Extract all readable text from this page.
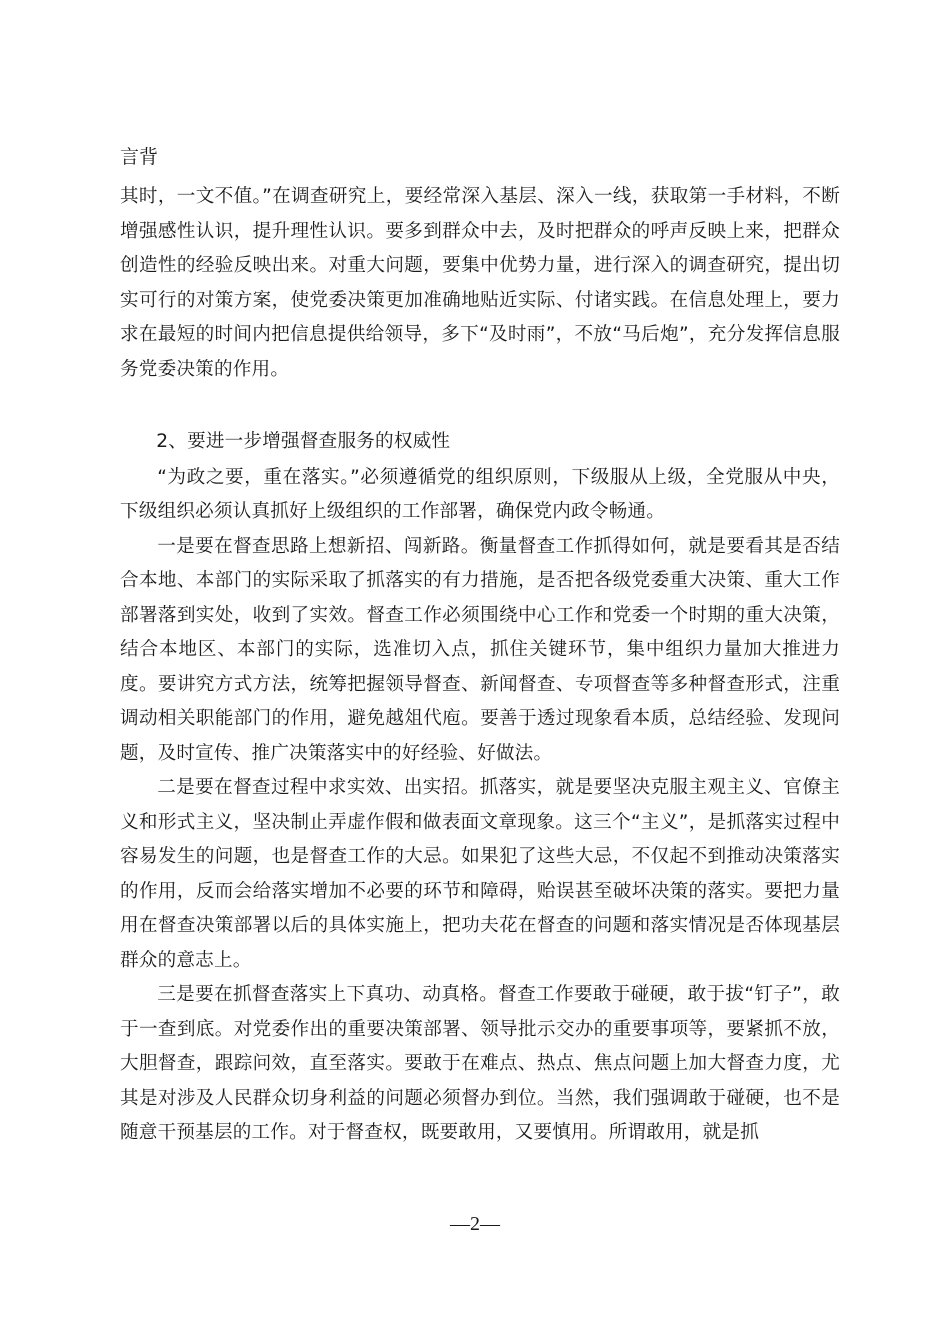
言背

其时，一文不值。”在调查研究上，要经常深入基层、深入一线，获取第一手材料，不断增强感性认识，提升理性认识。要多到群众中去，及时把群众的呼声反映上来，把群众创造性的经验反映出来。对重大问题，要集中优势力量，进行深入的调查研究，提出切实可行的对策方案，使党委决策更加准确地贴近实际、付诸实践。在信息处理上，要力求在最短的时间内把信息提供给领导，多下“及时雨”，不放“马后炮”，充分发挥信息服务党委决策的作用。

2、要进一步增强督查服务的权威性

“为政之要，重在落实。”必须遵循党的组织原则，下级服从上级，全党服从中央，下级组织必须认真抓好上级组织的工作部署，确保党内政令畅通。

一是要在督查思路上想新招、闯新路。衡量督查工作抓得如何，就是要看其是否结合本地、本部门的实际采取了抓落实的有力措施，是否把各级党委重大决策、重大工作部署落到实处，收到了实效。督查工作必须围绕中心工作和党委一个时期的重大决策，结合本地区、本部门的实际，选准切入点，抓住关键环节，集中组织力量加大推进力度。要讲究方式方法，统筹把握领导督查、新闻督查、专项督查等多种督查形式，注重调动相关职能部门的作用，避免越俎代庖。要善于透过现象看本质，总结经验、发现问题，及时宣传、推广决策落实中的好经验、好做法。

二是要在督查过程中求实效、出实招。抓落实，就是要坚决克服主观主义、官僚主义和形式主义，坚决制止弄虚作假和做表面文章现象。这三个“主义”，是抓落实过程中容易发生的问题，也是督查工作的大忌。如果犯了这些大忌，不仅起不到推动决策落实的作用，反而会给落实增加不必要的环节和障碍，贻误甚至破坏决策的落实。要把力量用在督查决策部署以后的具体实施上，把功夫花在督查的问题和落实情况是否体现基层群众的意志上。

三是要在抓督查落实上下真功、动真格。督查工作要敢于碰硬，敢于拔“钉子”，敢于一查到底。对党委作出的重要决策部署、领导批示交办的重要事项等，要紧抓不放，大胆督查，跟踪问效，直至落实。要敢于在难点、热点、焦点问题上加大督查力度，尤其是对涉及人民群众切身利益的问题必须督办到位。当然，我们强调敢于碰硬，也不是随意干预基层的工作。对于督查权，既要敢用，又要慎用。所谓敢用，就是抓

—2—
